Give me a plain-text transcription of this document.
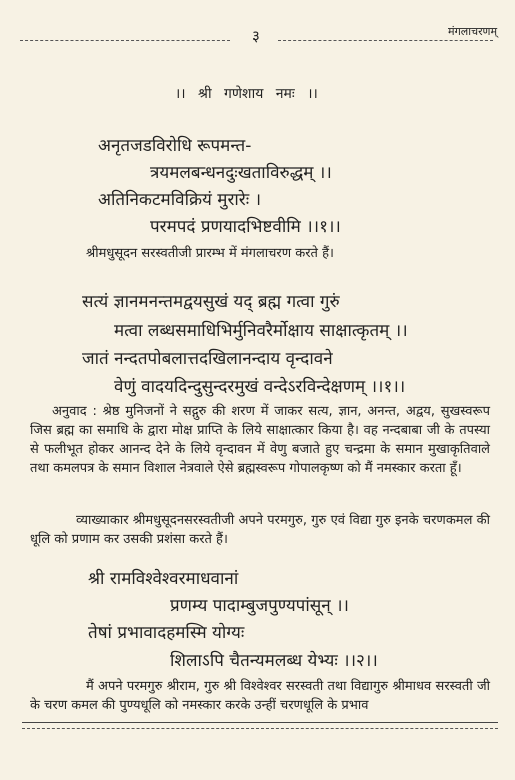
३	मंगलाचरणम्
।। श्री गणेशाय नमः ।।
अनृतजडविरोधि रूपमन्त-
त्रयमलबन्धनदुःखताविरुद्धम् ।।
अतिनिकटमविक्रियं मुरारेः ।
परमपदं प्रणयादभिष्टवीमि ।।१।।
श्रीमधुसूदन सरस्वतीजी प्रारम्भ में मंगलाचरण करते हैं।
सत्यं ज्ञानमनन्तमद्वयसुखं यद् ब्रह्म गत्वा गुरुं
मत्वा लब्धसमाधिभिर्मुनिवरैर्मोक्षाय साक्षात्कृतम् ।।
जातं नन्दतपोबलात्तदखिलानन्दाय वृन्दावने
वेणुं वादयदिन्दुसुन्दरमुखं वन्देऽरविन्देक्षणम् ।।१।।
अनुवाद : श्रेष्ठ मुनिजनों ने सद्गुरु की शरण में जाकर सत्य, ज्ञान, अनन्त, अद्वय, सुखस्वरूप जिस ब्रह्म का समाधि के द्वारा मोक्ष प्राप्ति के लिये साक्षात्कार किया है। वह नन्दबाबा जी के तपस्या से फलीभूत होकर आनन्द देने के लिये वृन्दावन में वेणु बजाते हुए चन्द्रमा के समान मुखाकृतिवाले तथा कमलपत्र के समान विशाल नेत्रवाले ऐसे ब्रह्मस्वरूप गोपालकृष्ण को मैं नमस्कार करता हूँ।
व्याख्याकार श्रीमधुसूदनसरस्वतीजी अपने परमगुरु, गुरु एवं विद्या गुरु इनके चरणकमल की धूलि को प्रणाम कर उसकी प्रशंसा करते हैं।
श्री रामविश्वेश्वरमाधवानां
प्रणम्य पादाम्बुजपुण्यपांसून् ।।
तेषां प्रभावादहमस्मि योग्यः
शिलाऽपि चैतन्यमलब्ध येभ्यः ।।२।।
मैं अपने परमगुरु श्रीराम, गुरु श्री विश्वेश्वर सरस्वती तथा विद्यागुरु श्रीमाधव सरस्वती जी के चरण कमल की पुण्यधूलि को नमस्कार करके उन्हीं चरणधूलि के प्रभाव
